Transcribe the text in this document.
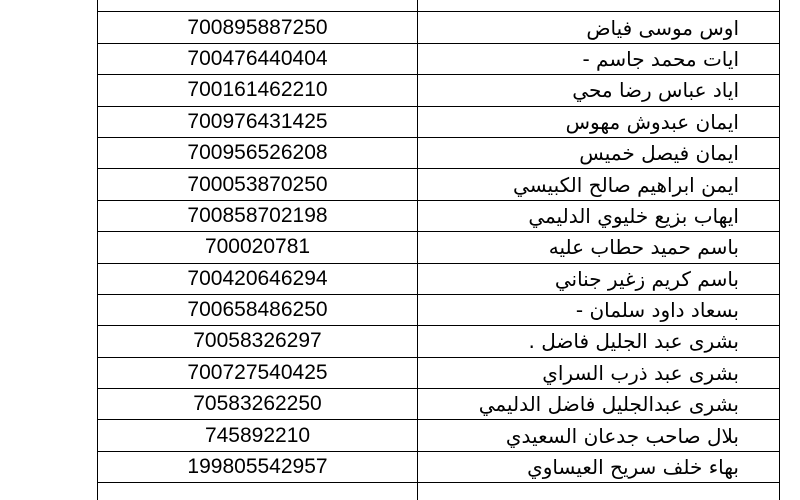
700895887250	اوس موسى فياض
700476440404	ايات محمد جاسم -
700161462210	اياد عباس رضا محي
700976431425	ايمان عبدوش مهوس
700956526208	ايمان فيصل خميس
700053870250	ايمن ابراهيم صالح الكبيسي
700858702198	ايهاب بزيع خليوي الدليمي
700020781	باسم حميد حطاب عليه
700420646294	باسم كريم زغير جناني
700658486250	بسعاد داود سلمان -
70058326297	بشرى عبد الجليل فاضل .
700727540425	بشرى عبد ذرب السراي
70583262250	بشرى عبدالجليل فاضل الدليمي
745892210	بلال صاحب جدعان السعيدي
199805542957	بهاء خلف سريح العيساوي
